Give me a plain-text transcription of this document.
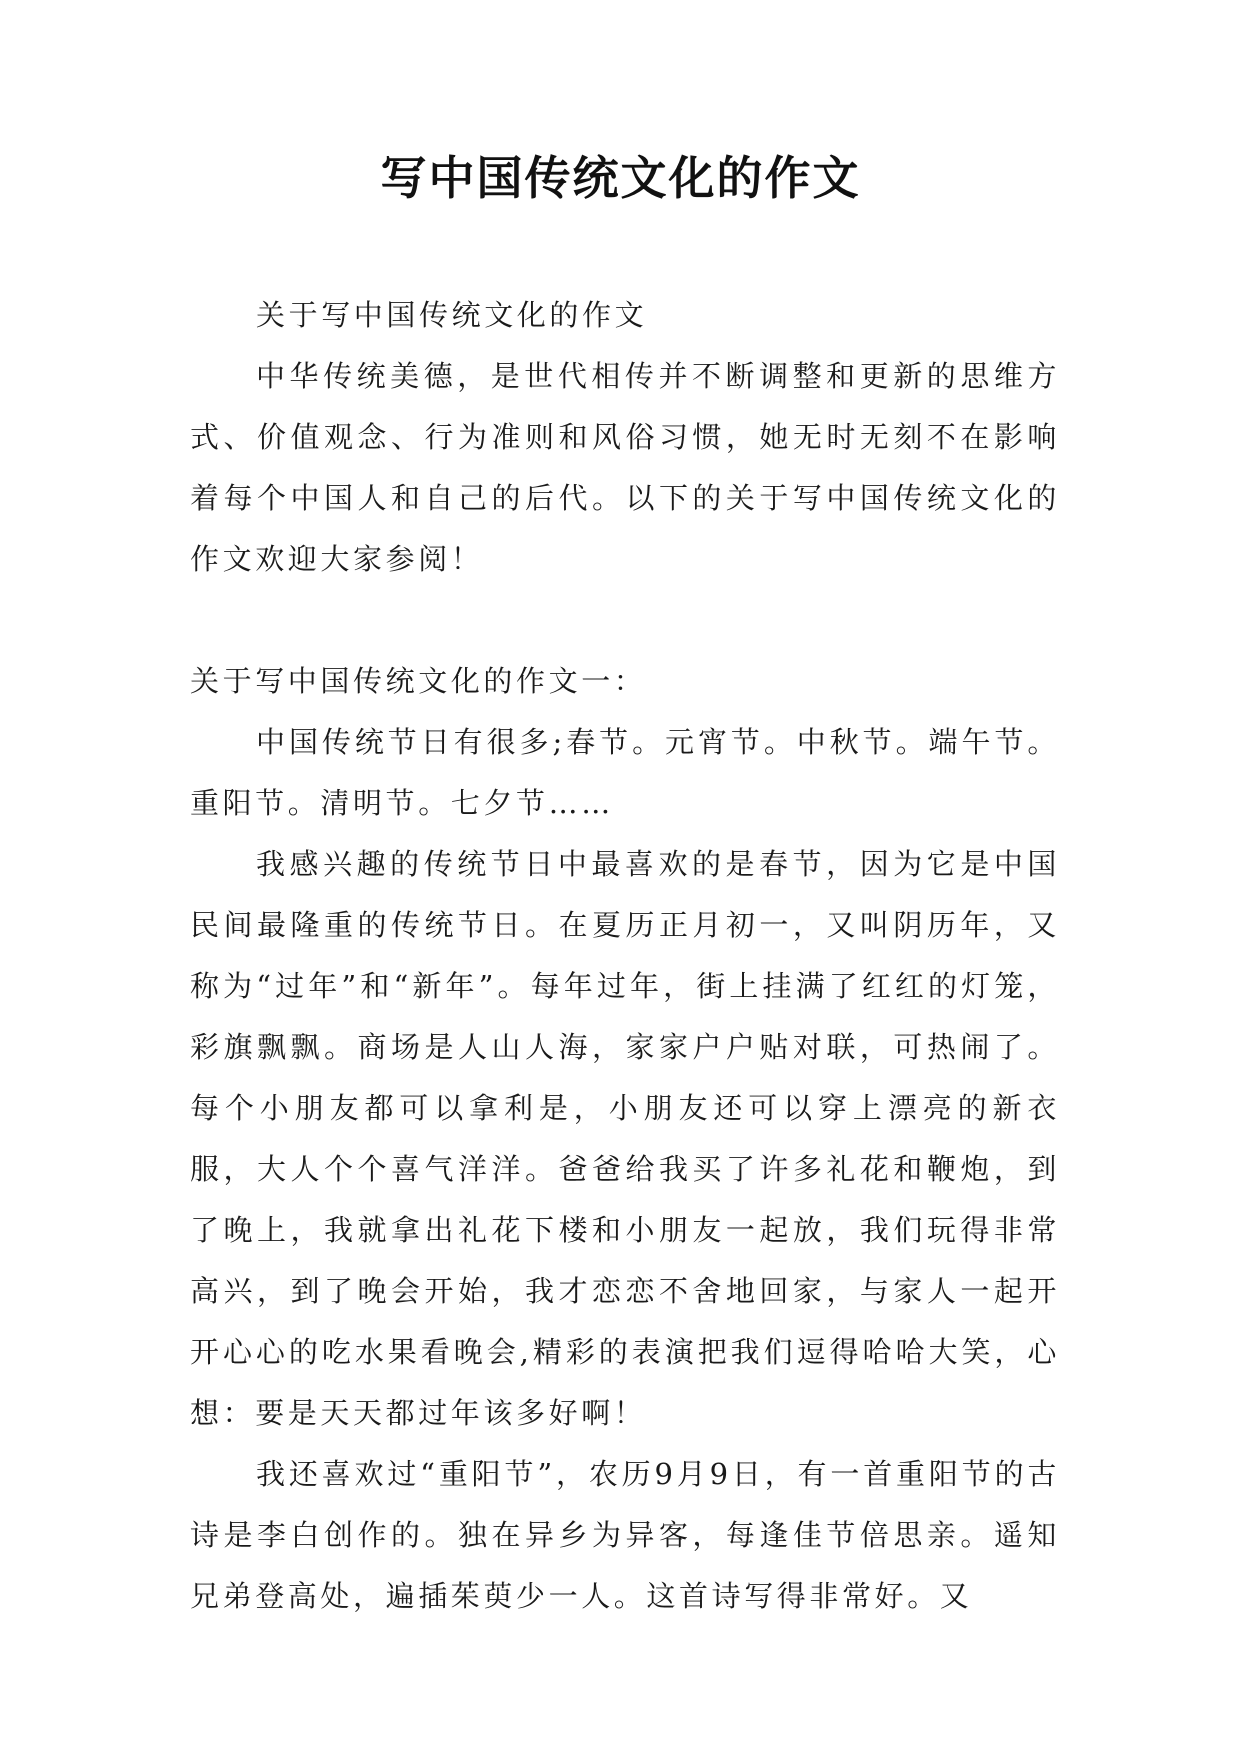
写中国传统文化的作文

关于写中国传统文化的作文

中华传统美德，是世代相传并不断调整和更新的思维方式、价值观念、行为准则和风俗习惯，她无时无刻不在影响着每个中国人和自己的后代。以下的关于写中国传统文化的作文欢迎大家参阅！

关于写中国传统文化的作文一：

中国传统节日有很多;春节。元宵节。中秋节。端午节。重阳节。清明节。七夕节……

我感兴趣的传统节日中最喜欢的是春节，因为它是中国民间最隆重的传统节日。在夏历正月初一，又叫阴历年，又称为“过年”和“新年”。每年过年，街上挂满了红红的灯笼，彩旗飘飘。商场是人山人海，家家户户贴对联，可热闹了。每个小朋友都可以拿利是，小朋友还可以穿上漂亮的新衣服，大人个个喜气洋洋。爸爸给我买了许多礼花和鞭炮，到了晚上，我就拿出礼花下楼和小朋友一起放，我们玩得非常高兴，到了晚会开始，我才恋恋不舍地回家，与家人一起开开心心的吃水果看晚会,精彩的表演把我们逗得哈哈大笑，心想：要是天天都过年该多好啊！

我还喜欢过“重阳节”，农历9月9日，有一首重阳节的古诗是李白创作的。独在异乡为异客，每逢佳节倍思亲。遥知兄弟登高处，遍插茱萸少一人。这首诗写得非常好。又
